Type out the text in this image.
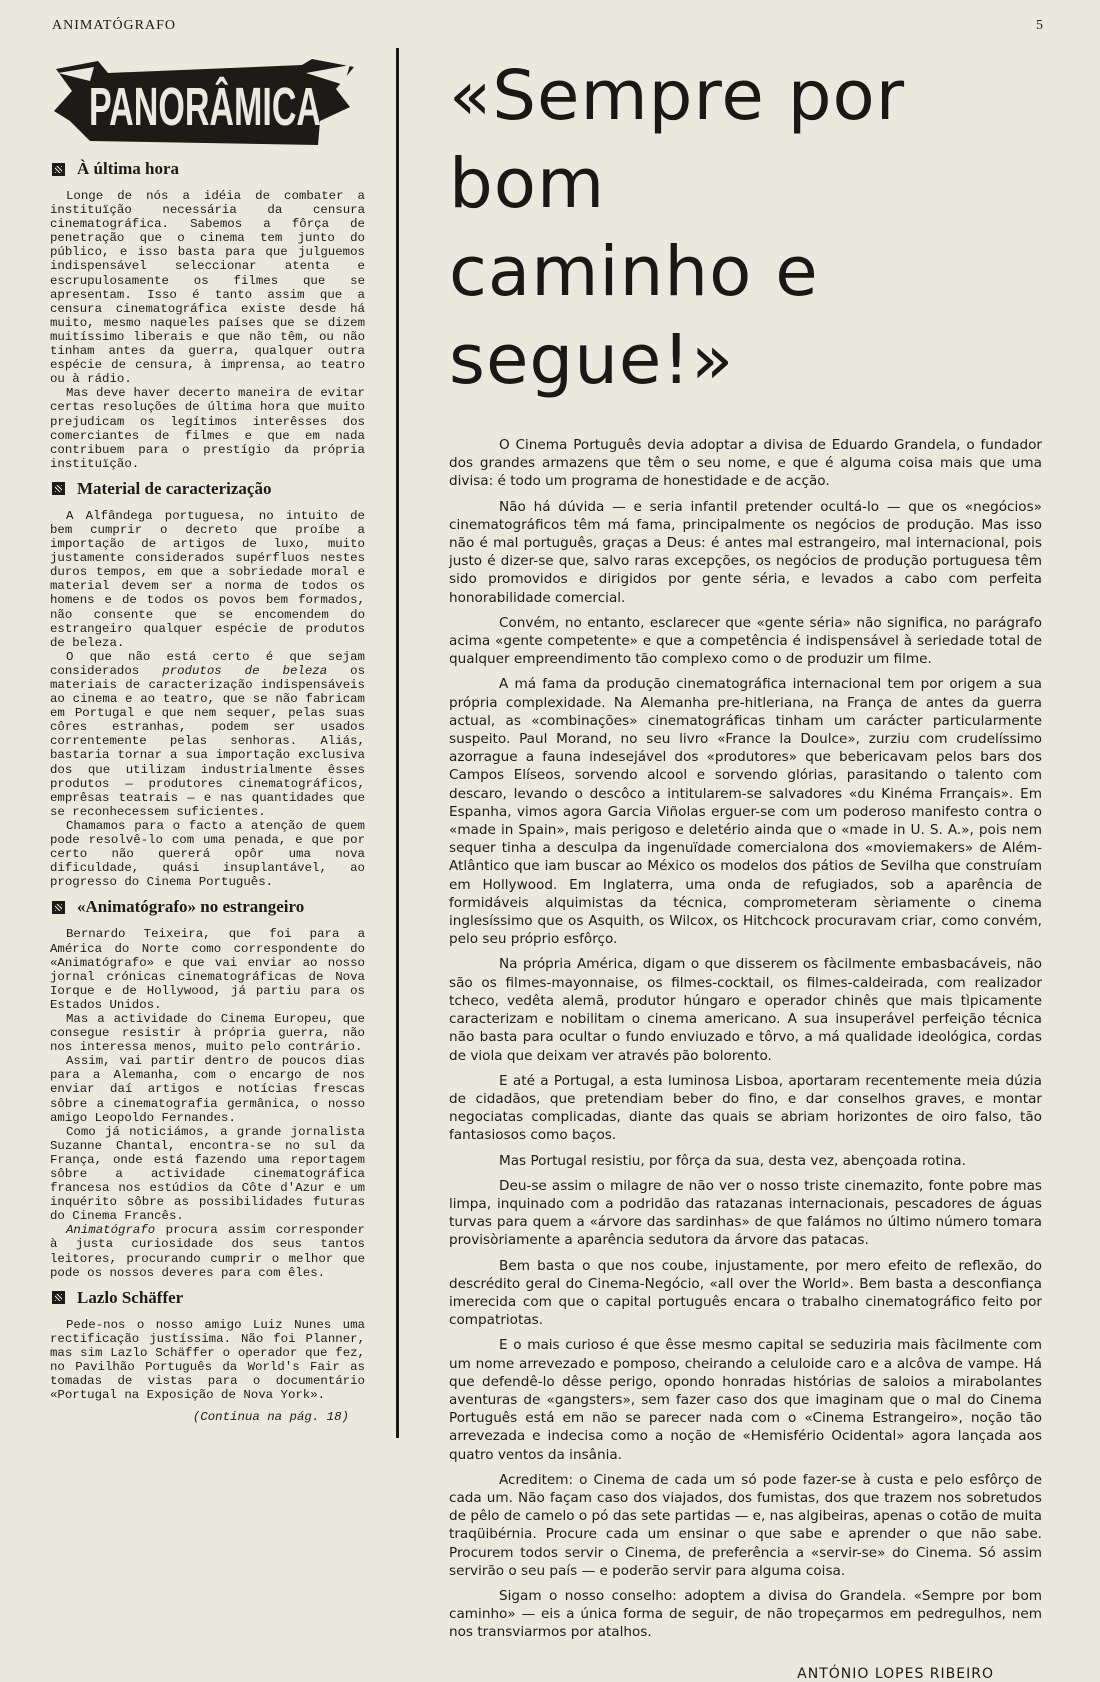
ANIMATÓGRAFO	5
PANORÂMICA
À última hora

Longe de nós a idéia de combater a instituïção necessária da censura cinematográfica. Sabemos a fôrça de penetração que o cinema tem junto do público, e isso basta para que julguemos indispensável seleccionar atenta e escrupulosamente os filmes que se apresentam. Isso é tanto assim que a censura cinematográfica existe desde há muito, mesmo naqueles países que se dizem muitíssimo liberais e que não têm, ou não tinham antes da guerra, qualquer outra espécie de censura, à imprensa, ao teatro ou à rádio.

Mas deve haver decerto maneira de evitar certas resoluções de última hora que muito prejudicam os legítimos interêsses dos comerciantes de filmes e que em nada contribuem para o prestígio da própria instituïção.

Material de caracterização

A Alfândega portuguesa, no intuito de bem cumprir o decreto que proíbe a importação de artigos de luxo, muito justamente considerados supérfluos nestes duros tempos, em que a sobriedade moral e material devem ser a norma de todos os homens e de todos os povos bem formados, não consente que se encomendem do estrangeiro qualquer espécie de produtos de beleza.

O que não está certo é que sejam considerados produtos de beleza os materiais de caracterização indispensáveis ao cinema e ao teatro, que se não fabricam em Portugal e que nem sequer, pelas suas côres estranhas, podem ser usados correntemente pelas senhoras. Aliás, bastaria tornar a sua importação exclusiva dos que utilizam industrialmente êsses produtos — produtores cinematográficos, emprêsas teatrais — e nas quantidades que se reconhecessem suficientes.

Chamamos para o facto a atenção de quem pode resolvê-lo com uma penada, e que por certo não quererá opôr uma nova dificuldade, quási insuplantável, ao progresso do Cinema Português.

«Animatógrafo» no estrangeiro

Bernardo Teixeira, que foi para a América do Norte como correspondente do «Animatógrafo» e que vai enviar ao nosso jornal crónicas cinematográficas de Nova Iorque e de Hollywood, já partiu para os Estados Unidos.

Mas a actividade do Cinema Europeu, que consegue resistir à própria guerra, não nos interessa menos, muito pelo contrário.

Assim, vai partir dentro de poucos dias para a Alemanha, com o encargo de nos enviar daí artigos e notícias frescas sôbre a cinematografia germânica, o nosso amigo Leopoldo Fernandes.

Como já noticiámos, a grande jornalista Suzanne Chantal, encontra-se no sul da França, onde está fazendo uma reportagem sôbre a actividade cinematográfica francesa nos estúdios da Côte d'Azur e um inquérito sôbre as possibilidades futuras do Cinema Francês.

Animatógrafo procura assim corresponder à justa curiosidade dos seus tantos leitores, procurando cumprir o melhor que pode os nossos deveres para com êles.

Lazlo Schäffer

Pede-nos o nosso amigo Luiz Nunes uma rectificação justíssima. Não foi Planner, mas sim Lazlo Schäffer o operador que fez, no Pavilhão Português da World's Fair as tomadas de vistas para o documentário «Portugal na Exposição de Nova York».

(Continua na pág. 18)
«Sempre por bom
caminho e segue!»

O Cinema Português devia adoptar a divisa de Eduardo Grandela, o fundador dos grandes armazens que têm o seu nome, e que é alguma coisa mais que uma divisa: é todo um programa de honestidade e de acção.

Não há dúvida — e seria infantil pretender ocultá-lo — que os «negócios» cinematográficos têm má fama, principalmente os negócios de produção. Mas isso não é mal português, graças a Deus: é antes mal estrangeiro, mal internacional, pois justo é dizer-se que, salvo raras excepções, os negócios de produção portuguesa têm sido promovidos e dirigidos por gente séria, e levados a cabo com perfeita honorabilidade comercial.

Convém, no entanto, esclarecer que «gente séria» não significa, no parágrafo acima «gente competente» e que a competência é indispensável à seriedade total de qualquer empreendimento tão complexo como o de produzir um filme.

A má fama da produção cinematográfica internacional tem por origem a sua própria complexidade. Na Alemanha pre-hitleriana, na França de antes da guerra actual, as «combinações» cinematográficas tinham um carácter particularmente suspeito. Paul Morand, no seu livro «France la Doulce», zurziu com crudelíssimo azorrague a fauna indesejável dos «produtores» que bebericavam pelos bars dos Campos Elíseos, sorvendo alcool e sorvendo glórias, parasitando o talento com descaro, levando o descôco a intitularem-se salvadores «du Kinéma Frrançais». Em Espanha, vimos agora Garcia Viñolas erguer-se com um poderoso manifesto contra o «made in Spain», mais perigoso e deletério ainda que o «made in U. S. A.», pois nem sequer tinha a desculpa da ingenuïdade comercialona dos «moviemakers» de Além-Atlântico que iam buscar ao México os modelos dos pátios de Sevilha que construíam em Hollywood. Em Inglaterra, uma onda de refugiados, sob a aparência de formidáveis alquimistas da técnica, comprometeram sèriamente o cinema inglesíssimo que os Asquith, os Wilcox, os Hitchcock procuravam criar, como convém, pelo seu próprio esfôrço.

Na própria América, digam o que disserem os fàcilmente embasbacáveis, não são os filmes-mayonnaise, os filmes-cocktail, os filmes-caldeirada, com realizador tcheco, vedêta alemã, produtor húngaro e operador chinês que mais tìpicamente caracterizam e nobilitam o cinema americano. A sua insuperável perfeição técnica não basta para ocultar o fundo enviuzado e tôrvo, a má qualidade ideológica, cordas de viola que deixam ver através pão bolorento.

E até a Portugal, a esta luminosa Lisboa, aportaram recentemente meia dúzia de cidadãos, que pretendiam beber do fino, e dar conselhos graves, e montar negociatas complicadas, diante das quais se abriam horizontes de oiro falso, tão fantasiosos como baços.

Mas Portugal resistiu, por fôrça da sua, desta vez, abençoada rotina.

Deu-se assim o milagre de não ver o nosso triste cinemazito, fonte pobre mas limpa, inquinado com a podridão das ratazanas internacionais, pescadores de águas turvas para quem a «árvore das sardinhas» de que falámos no último número tomara provisòriamente a aparência sedutora da árvore das patacas.

Bem basta o que nos coube, injustamente, por mero efeito de reflexão, do descrédito geral do Cinema-Negócio, «all over the World». Bem basta a desconfiança imerecida com que o capital português encara o trabalho cinematográfico feito por compatriotas.

E o mais curioso é que êsse mesmo capital se seduziria mais fàcilmente com um nome arrevezado e pomposo, cheirando a celuloide caro e a alcôva de vampe. Há que defendê-lo dêsse perigo, opondo honradas histórias de saloios a mirabolantes aventuras de «gangsters», sem fazer caso dos que imaginam que o mal do Cinema Português está em não se parecer nada com o «Cinema Estrangeiro», noção tão arrevezada e indecisa como a noção de «Hemisfério Ocidental» agora lançada aos quatro ventos da insânia.

Acreditem: o Cinema de cada um só pode fazer-se à custa e pelo esfôrço de cada um. Não façam caso dos viajados, dos fumistas, dos que trazem nos sobretudos de pêlo de camelo o pó das sete partidas — e, nas algibeiras, apenas o cotão de muita traqüibérnia. Procure cada um ensinar o que sabe e aprender o que não sabe. Procurem todos servir o Cinema, de preferência a «servir-se» do Cinema. Só assim servirão o seu país — e poderão servir para alguma coisa.

Sigam o nosso conselho: adoptem a divisa do Grandela. «Sempre por bom caminho» — eis a única forma de seguir, de não tropeçarmos em pedregulhos, nem nos transviarmos por atalhos.

ANTÓNIO LOPES RIBEIRO
